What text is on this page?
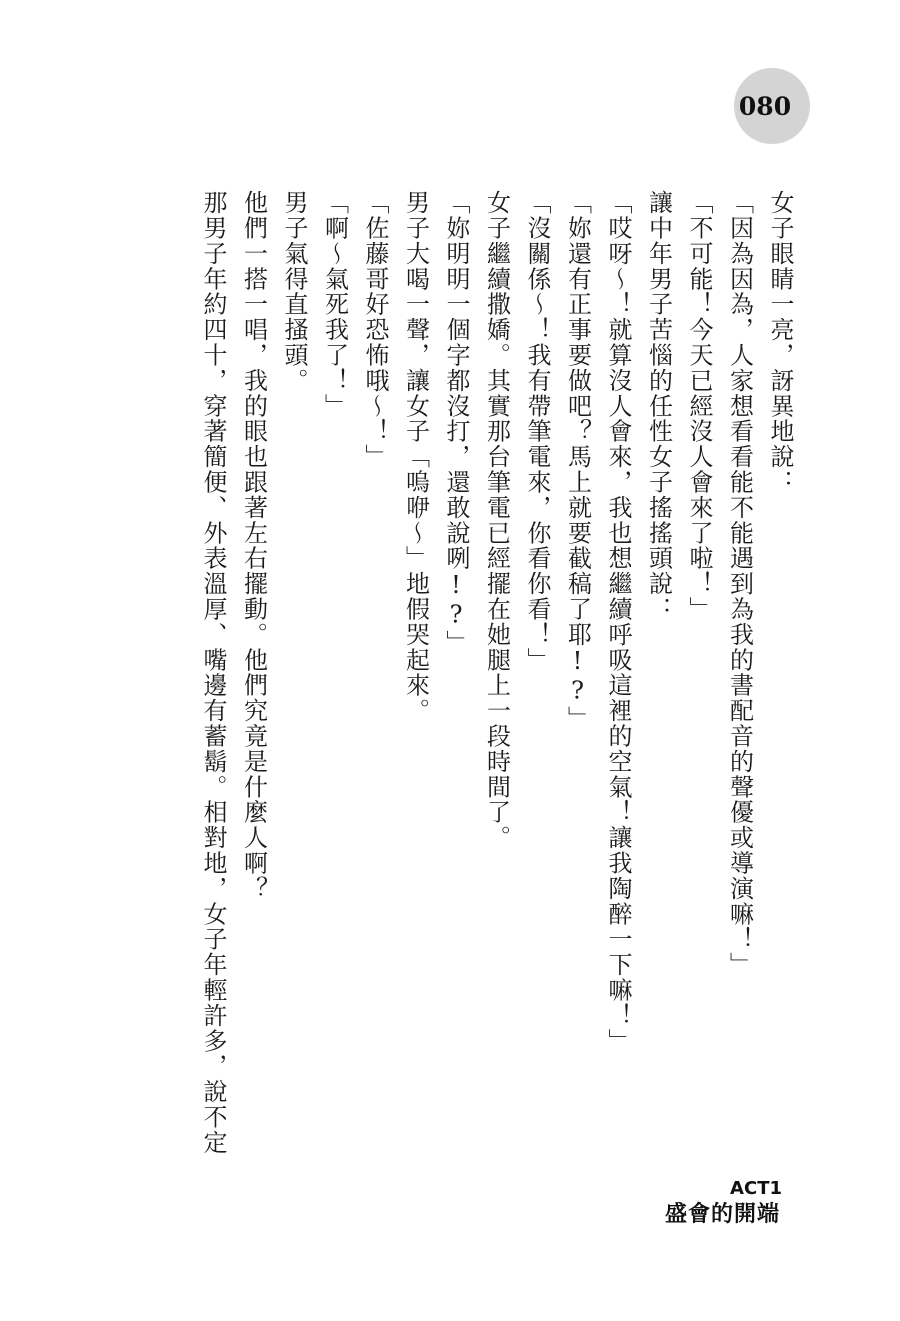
080
女子眼睛一亮，訝異地說：
「因為因為，人家想看看能不能遇到為我的書配音的聲優或導演嘛！」
「不可能！今天已經沒人會來了啦！」
讓中年男子苦惱的任性女子搖搖頭說：
「哎呀～！就算沒人會來，我也想繼續呼吸這裡的空氣！讓我陶醉一下嘛！」
「妳還有正事要做吧？馬上就要截稿了耶!?」
「沒關係～！我有帶筆電來，你看你看！」
女子繼續撒嬌。其實那台筆電已經擺在她腿上一段時間了。
「妳明明一個字都沒打，還敢說咧!?」
男子大喝一聲，讓女子「嗚咿～」地假哭起來。
「佐藤哥好恐怖哦～！」
「啊～氣死我了！」
男子氣得直搔頭。
他們一搭一唱，我的眼也跟著左右擺動。他們究竟是什麼人啊？
那男子年約四十，穿著簡便、外表溫厚、嘴邊有蓄鬍。相對地，女子年輕許多，說不定
ACT1
盛會的開端
